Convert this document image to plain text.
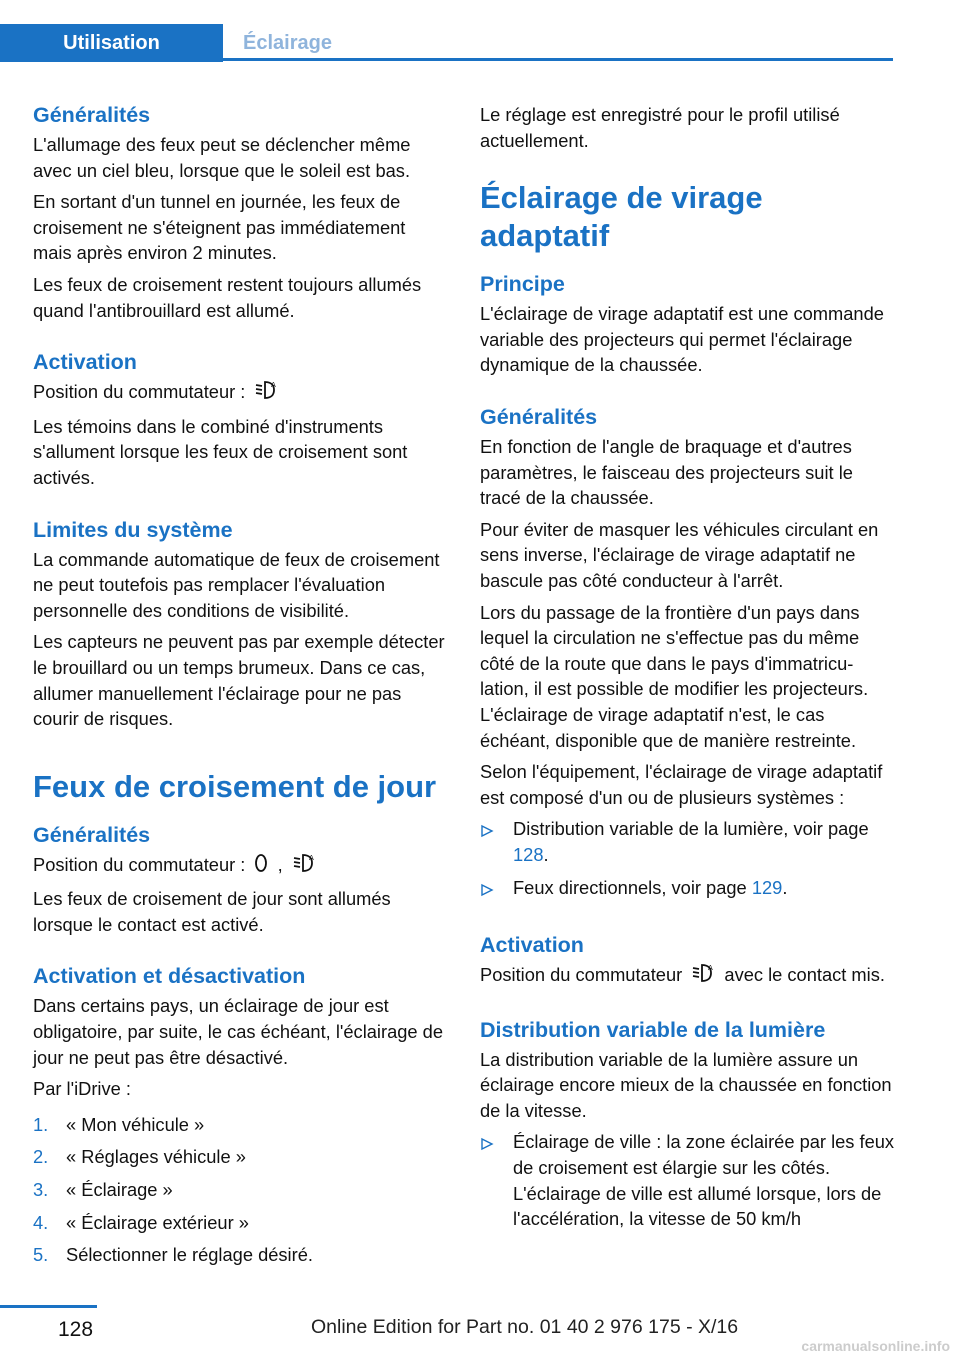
Utilisation	Éclairage
Généralités

L'allumage des feux peut se déclencher même avec un ciel bleu, lorsque que le soleil est bas.

En sortant d'un tunnel en journée, les feux de croisement ne s'éteignent pas immédiatement mais après environ 2 minutes.

Les feux de croisement restent toujours allumés quand l'antibrouillard est allumé.

Activation

Position du commutateur :	A

Les témoins dans le combiné d'instruments s'allument lorsque les feux de croisement sont activés.

Limites du système

La commande automatique de feux de croisement ne peut toutefois pas remplacer l'évaluation personnelle des conditions de visibilité.

Les capteurs ne peuvent pas par exemple détecter le brouillard ou un temps brumeux. Dans ce cas, allumer manuellement l'éclairage pour ne pas courir de risques.

Feux de croisement de jour
Généralités

Position du commutateur : ,	A

Les feux de croisement de jour sont allumés lorsque le contact est activé.

Activation et désactivation

Dans certains pays, un éclairage de jour est obligatoire, par suite, le cas échéant, l'éclairage de jour ne peut pas être désactivé.

Par l'iDrive :

1. « Mon véhicule »
2. « Réglages véhicule »
3. « Éclairage »
4. « Éclairage extérieur »
5. Sélectionner le réglage désiré.

Le réglage est enregistré pour le profil utilisé actuellement.

Éclairage de virage adaptatif
Principe

L'éclairage de virage adaptatif est une commande variable des projecteurs qui permet l'éclairage dynamique de la chaussée.

Généralités

En fonction de l'angle de braquage et d'autres paramètres, le faisceau des projecteurs suit le tracé de la chaussée.

Pour éviter de masquer les véhicules circulant en sens inverse, l'éclairage de virage adaptatif ne bascule pas côté conducteur à l'arrêt.

Lors du passage de la frontière d'un pays dans lequel la circulation ne s'effectue pas du même côté de la route que dans le pays d'immatriculation, il est possible de modifier les projecteurs. L'éclairage de virage adaptatif n'est, le cas échéant, disponible que de manière restreinte.

Selon l'équipement, l'éclairage de virage adaptatif est composé d'un ou de plusieurs systèmes :

Distribution variable de la lumière, voir page 128.
Feux directionnels, voir page 129.
Activation

Position du commutateur	A avec le contact mis.

Distribution variable de la lumière

La distribution variable de la lumière assure un éclairage encore mieux de la chaussée en fonction de la vitesse.

Éclairage de ville : la zone éclairée par les feux de croisement est élargie sur les côtés. L'éclairage de ville est allumé lorsque, lors de l'accélération, la vitesse de 50 km/h
128	Online Edition for Part no. 01 40 2 976 175 - X/16
carmanualsonline.info
